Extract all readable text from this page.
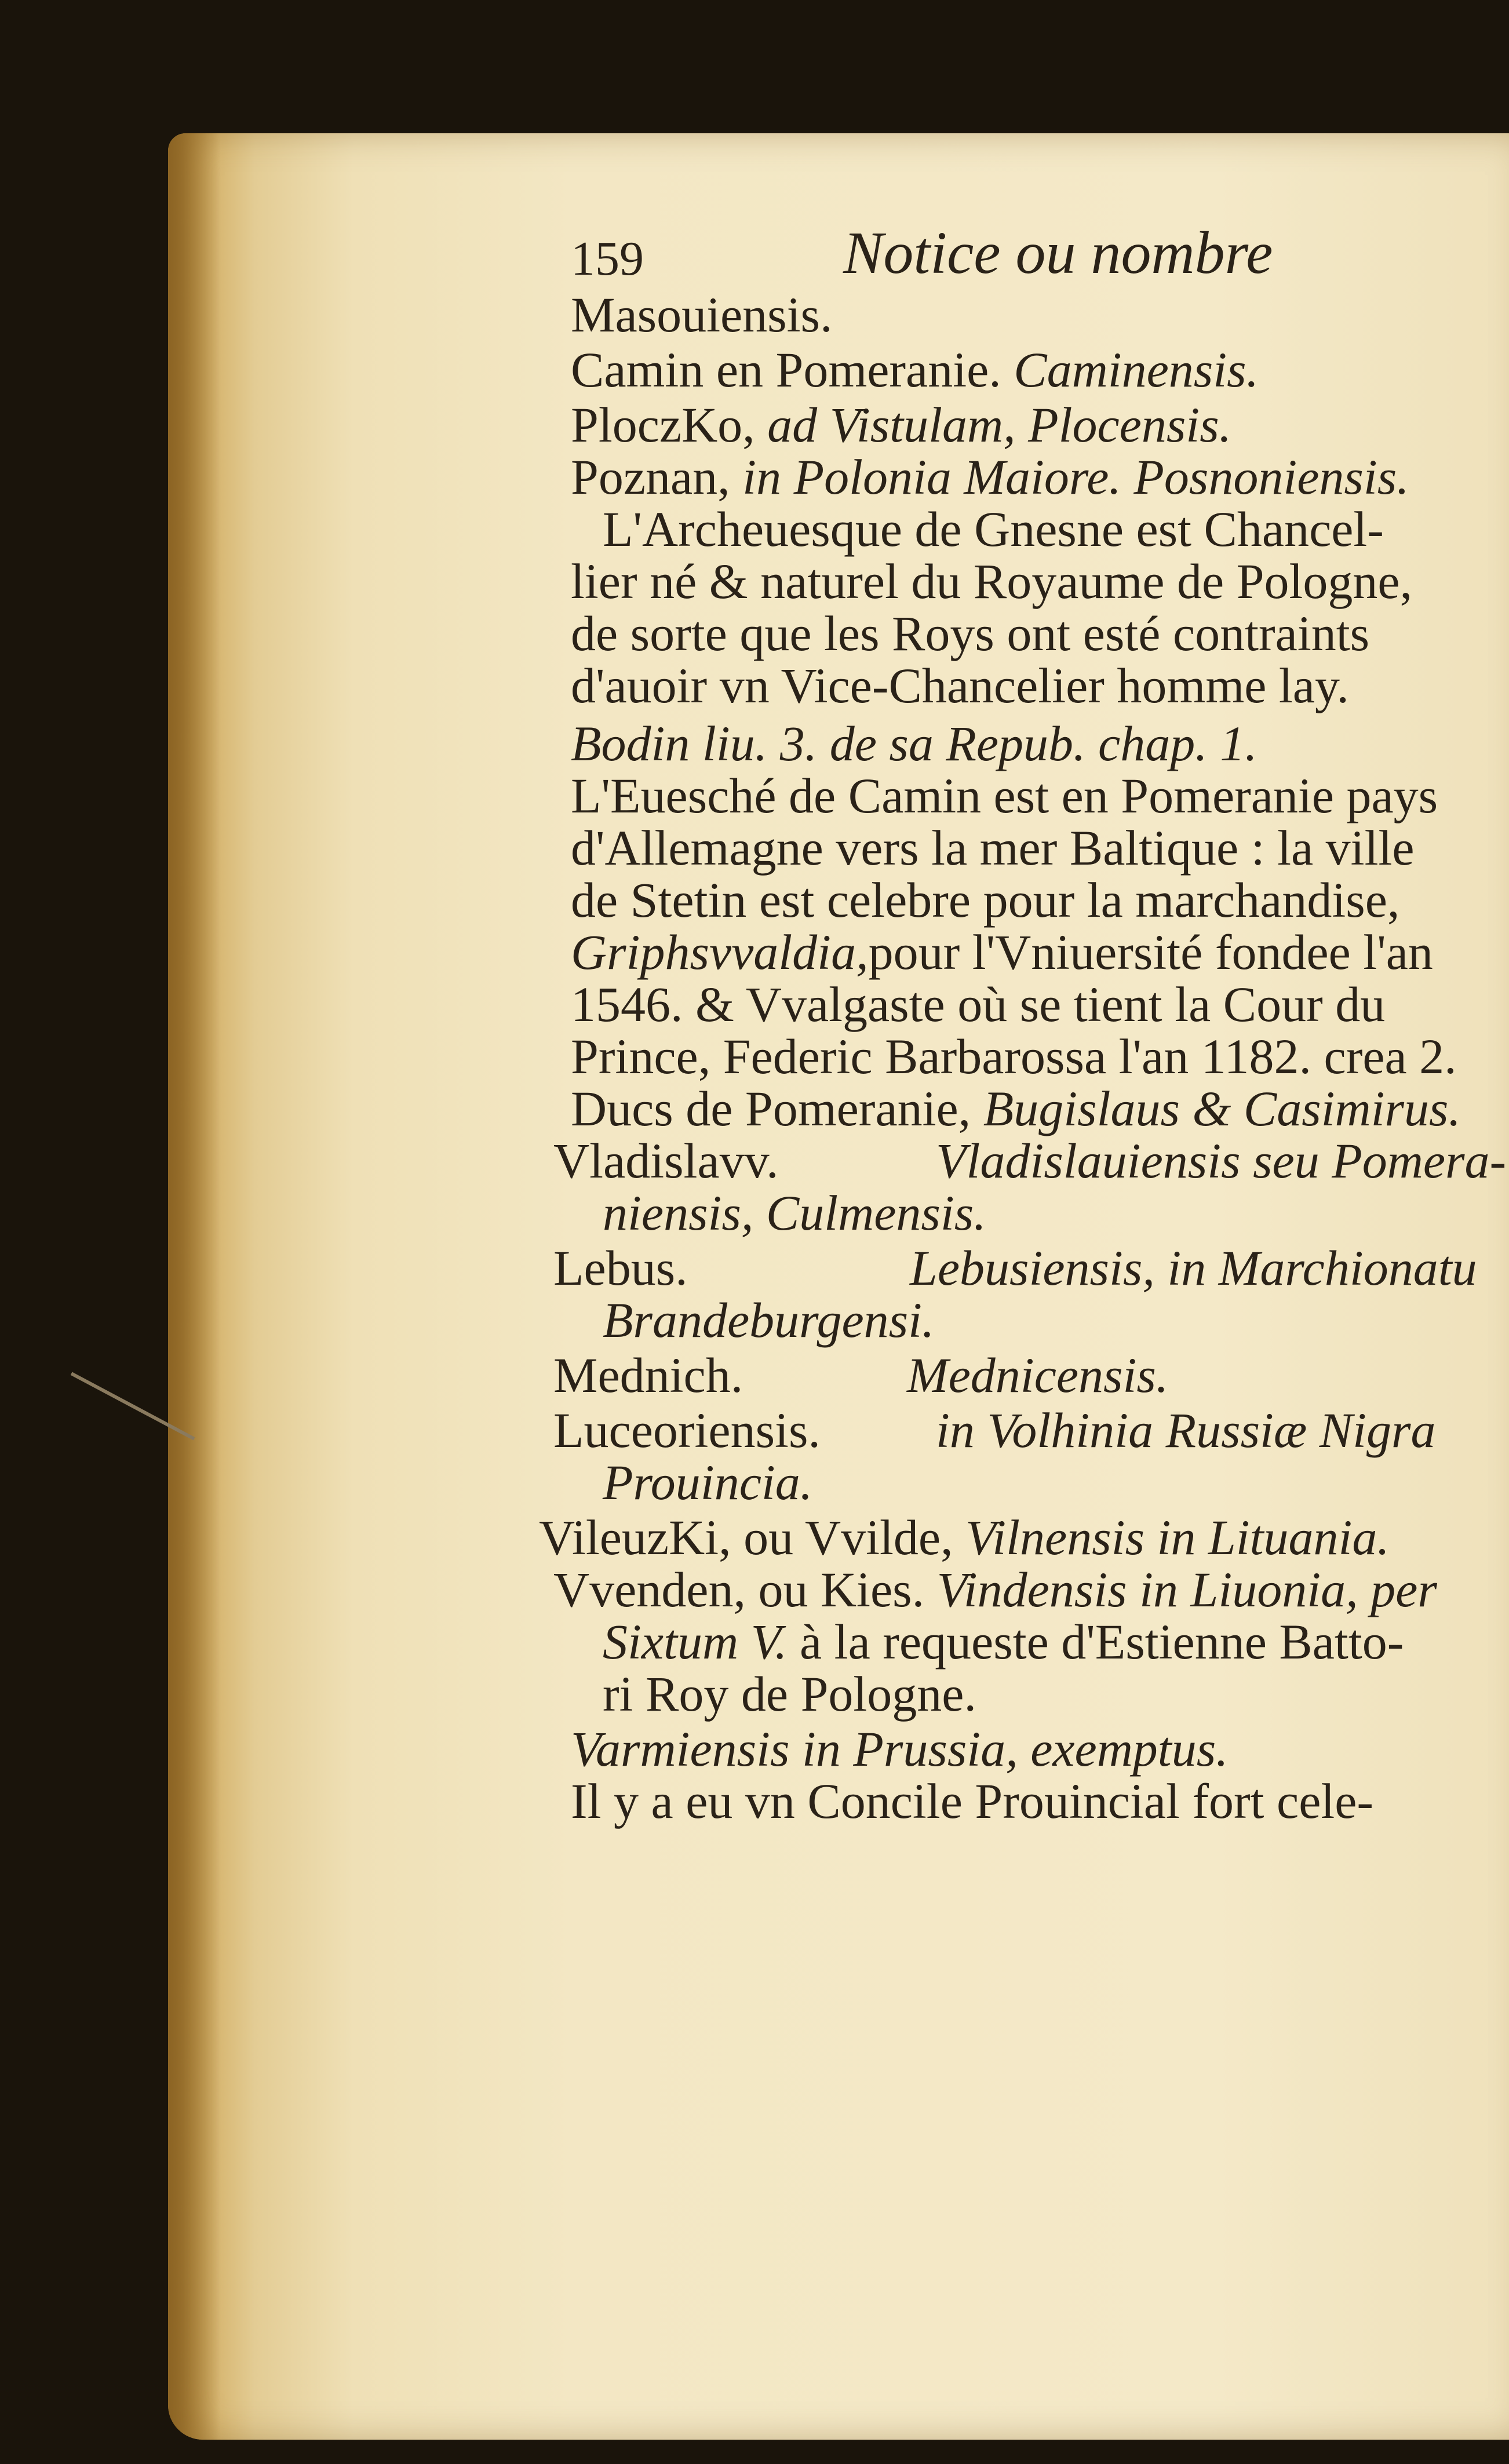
159	Notice ou nombre
Masouiensis.
Camin en Pomeranie. Caminensis.
PloczKo, ad Vistulam, Plocensis.
Poznan, in Polonia Maiore. Posnoniensis.
L'Archeuesque de Gnesne est Chancel-
lier né & naturel du Royaume de Pologne,
de sorte que les Roys ont esté contraints
d'auoir vn Vice-Chancelier homme lay.
Bodin liu. 3. de sa Repub. chap. 1.
L'Euesché de Camin est en Pomeranie pays
d'Allemagne vers la mer Baltique : la ville
de Stetin est celebre pour la marchandise,
Griphsvvaldia,pour l'Vniuersité fondee l'an
1546. & Vvalgaste où se tient la Cour du
Prince, Federic Barbarossa l'an 1182. crea 2.
Ducs de Pomeranie, Bugislaus & Casimirus.
Vladislavv.	Vladislauiensis seu Pomera-
niensis, Culmensis.
Lebus.	Lebusiensis, in Marchionatu
Brandeburgensi.
Mednich.	Mednicensis.
Luceoriensis. in Volhinia Russiæ Nigra
Prouincia.
VileuzKi, ou Vvilde, Vilnensis in Lituania.
Vvenden, ou Kies. Vindensis in Liuonia, per
Sixtum V. à la requeste d'Estienne Batto-
ri Roy de Pologne.
Varmiensis in Prussia, exemptus.
Il y a eu vn Concile Prouincial fort cele-
